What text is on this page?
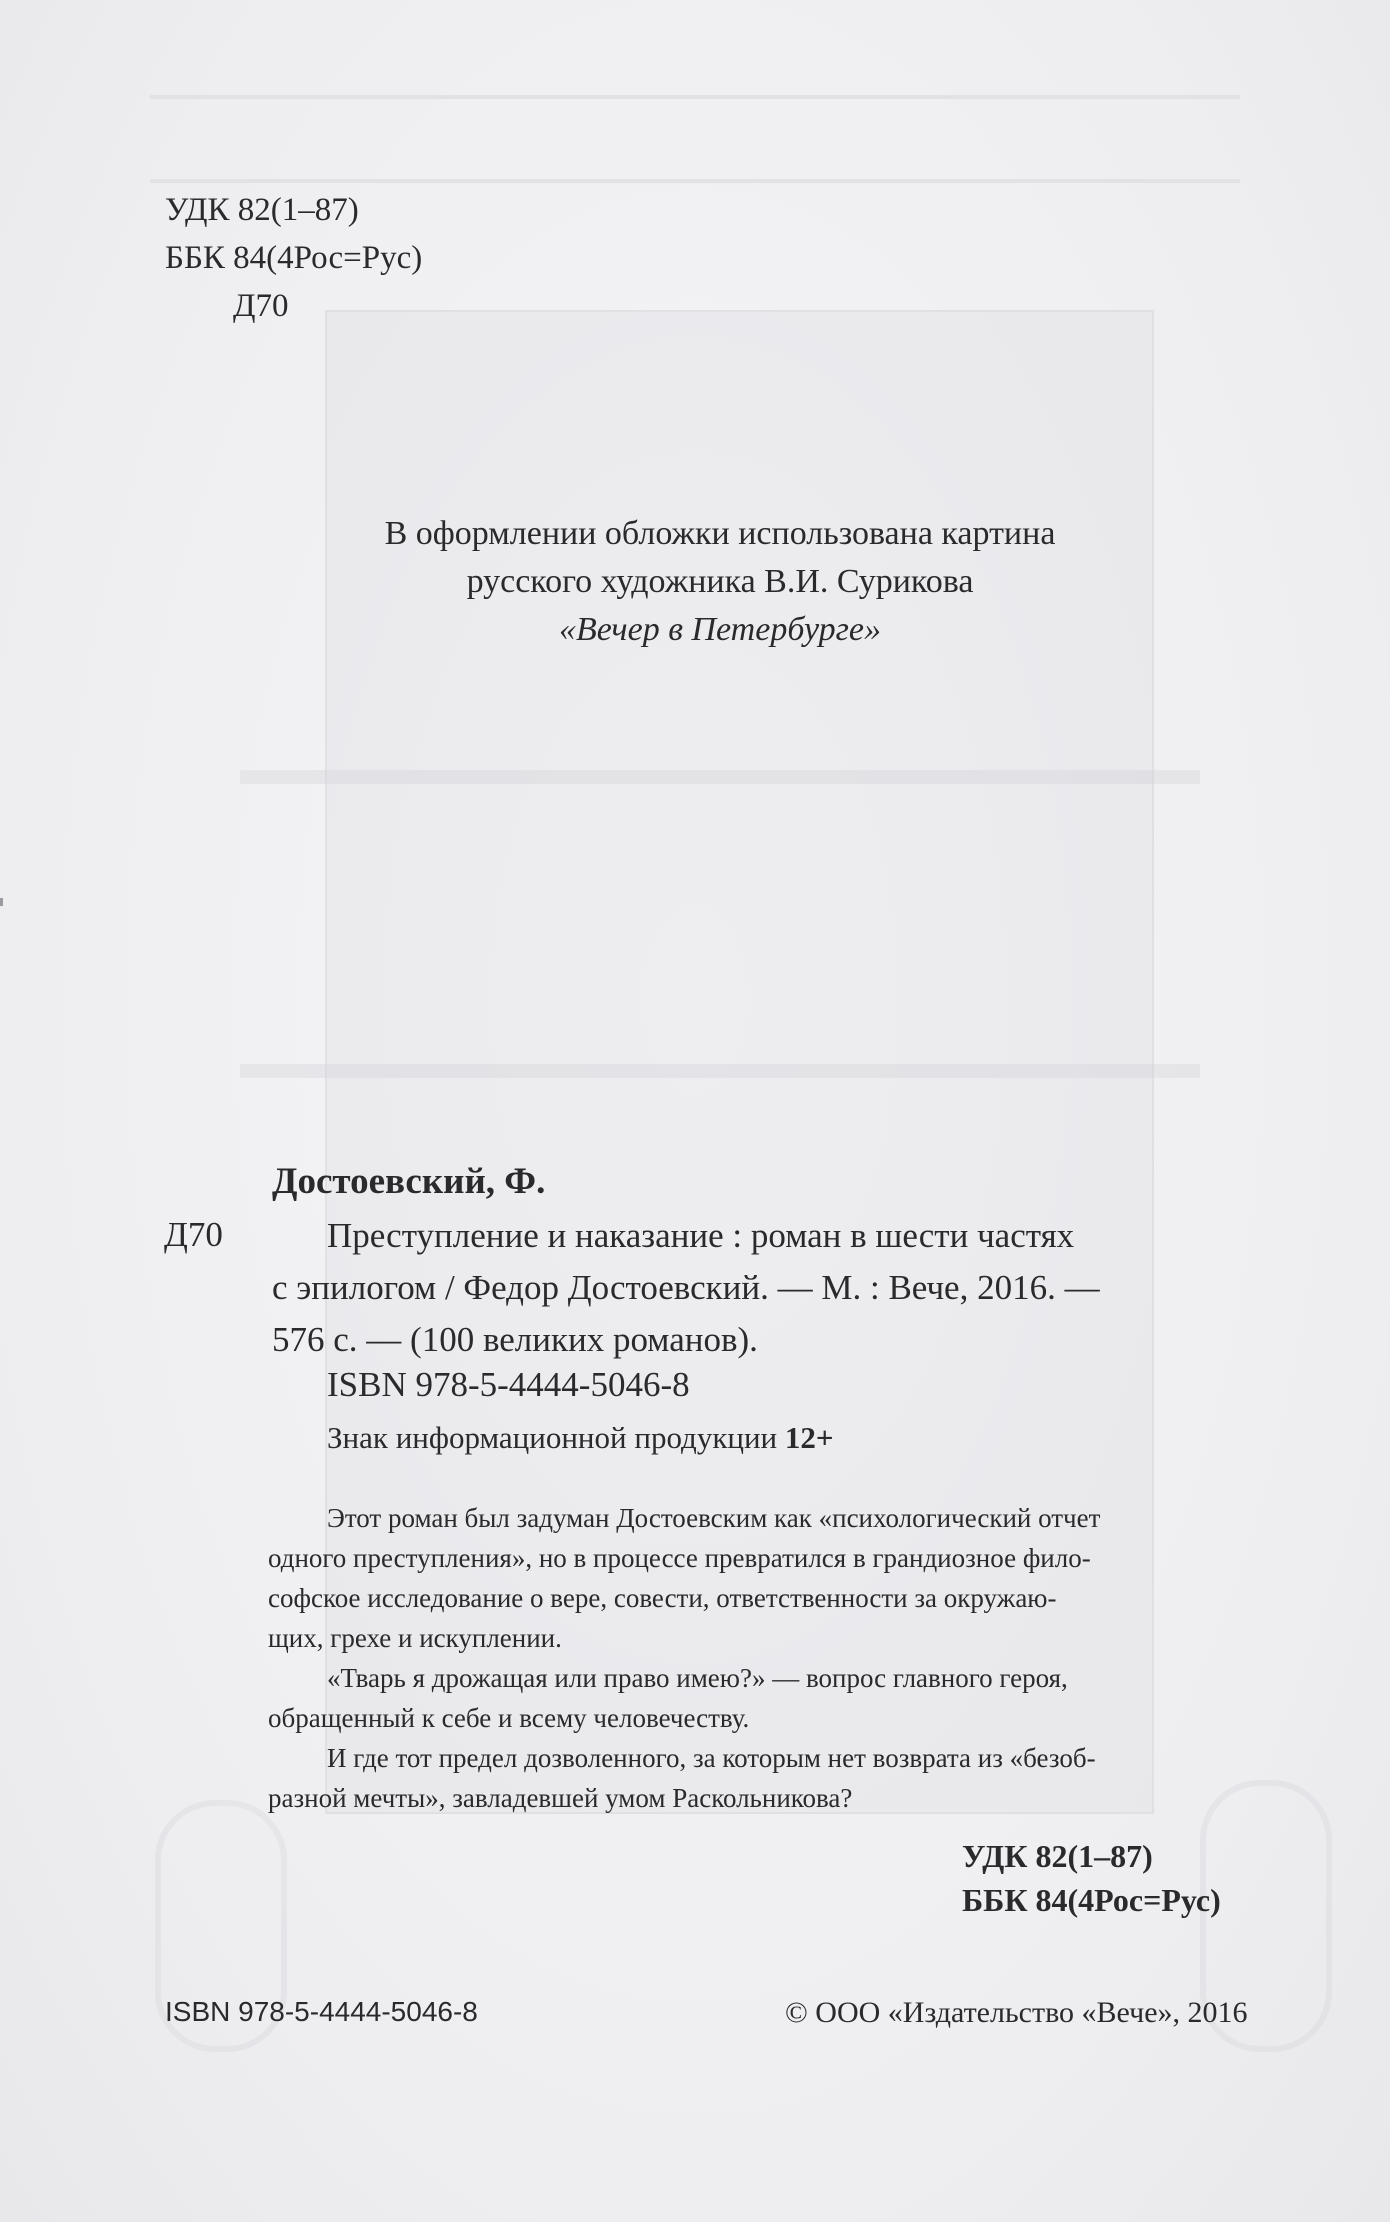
УДК 82(1–87)
ББК 84(4Рос=Рус)
Д70
В оформлении обложки использована картина
русского художника В.И. Сурикова
«Вечер в Петербурге»
Достоевский, Ф.
Д70	Преступление и наказание : роман в шести частях
с эпилогом / Федор Достоевский. — М. : Вече, 2016. —
576 с. — (100 великих романов).
ISBN 978-5-4444-5046-8
Знак информационной продукции 12+

Этот роман был задуман Достоевским как «психологический отчет
одного преступления», но в процессе превратился в грандиозное фило-
софское исследование о вере, совести, ответственности за окружаю-
щих, грехе и искуплении.

«Тварь я дрожащая или право имею?» — вопрос главного героя,
обращенный к себе и всему человечеству.

И где тот предел дозволенного, за которым нет возврата из «безоб-
разной мечты», завладевшей умом Раскольникова?

УДК 82(1–87)
ББК 84(4Рос=Рус)
ISBN 978-5-4444-5046-8	© ООО «Издательство «Вече», 2016
